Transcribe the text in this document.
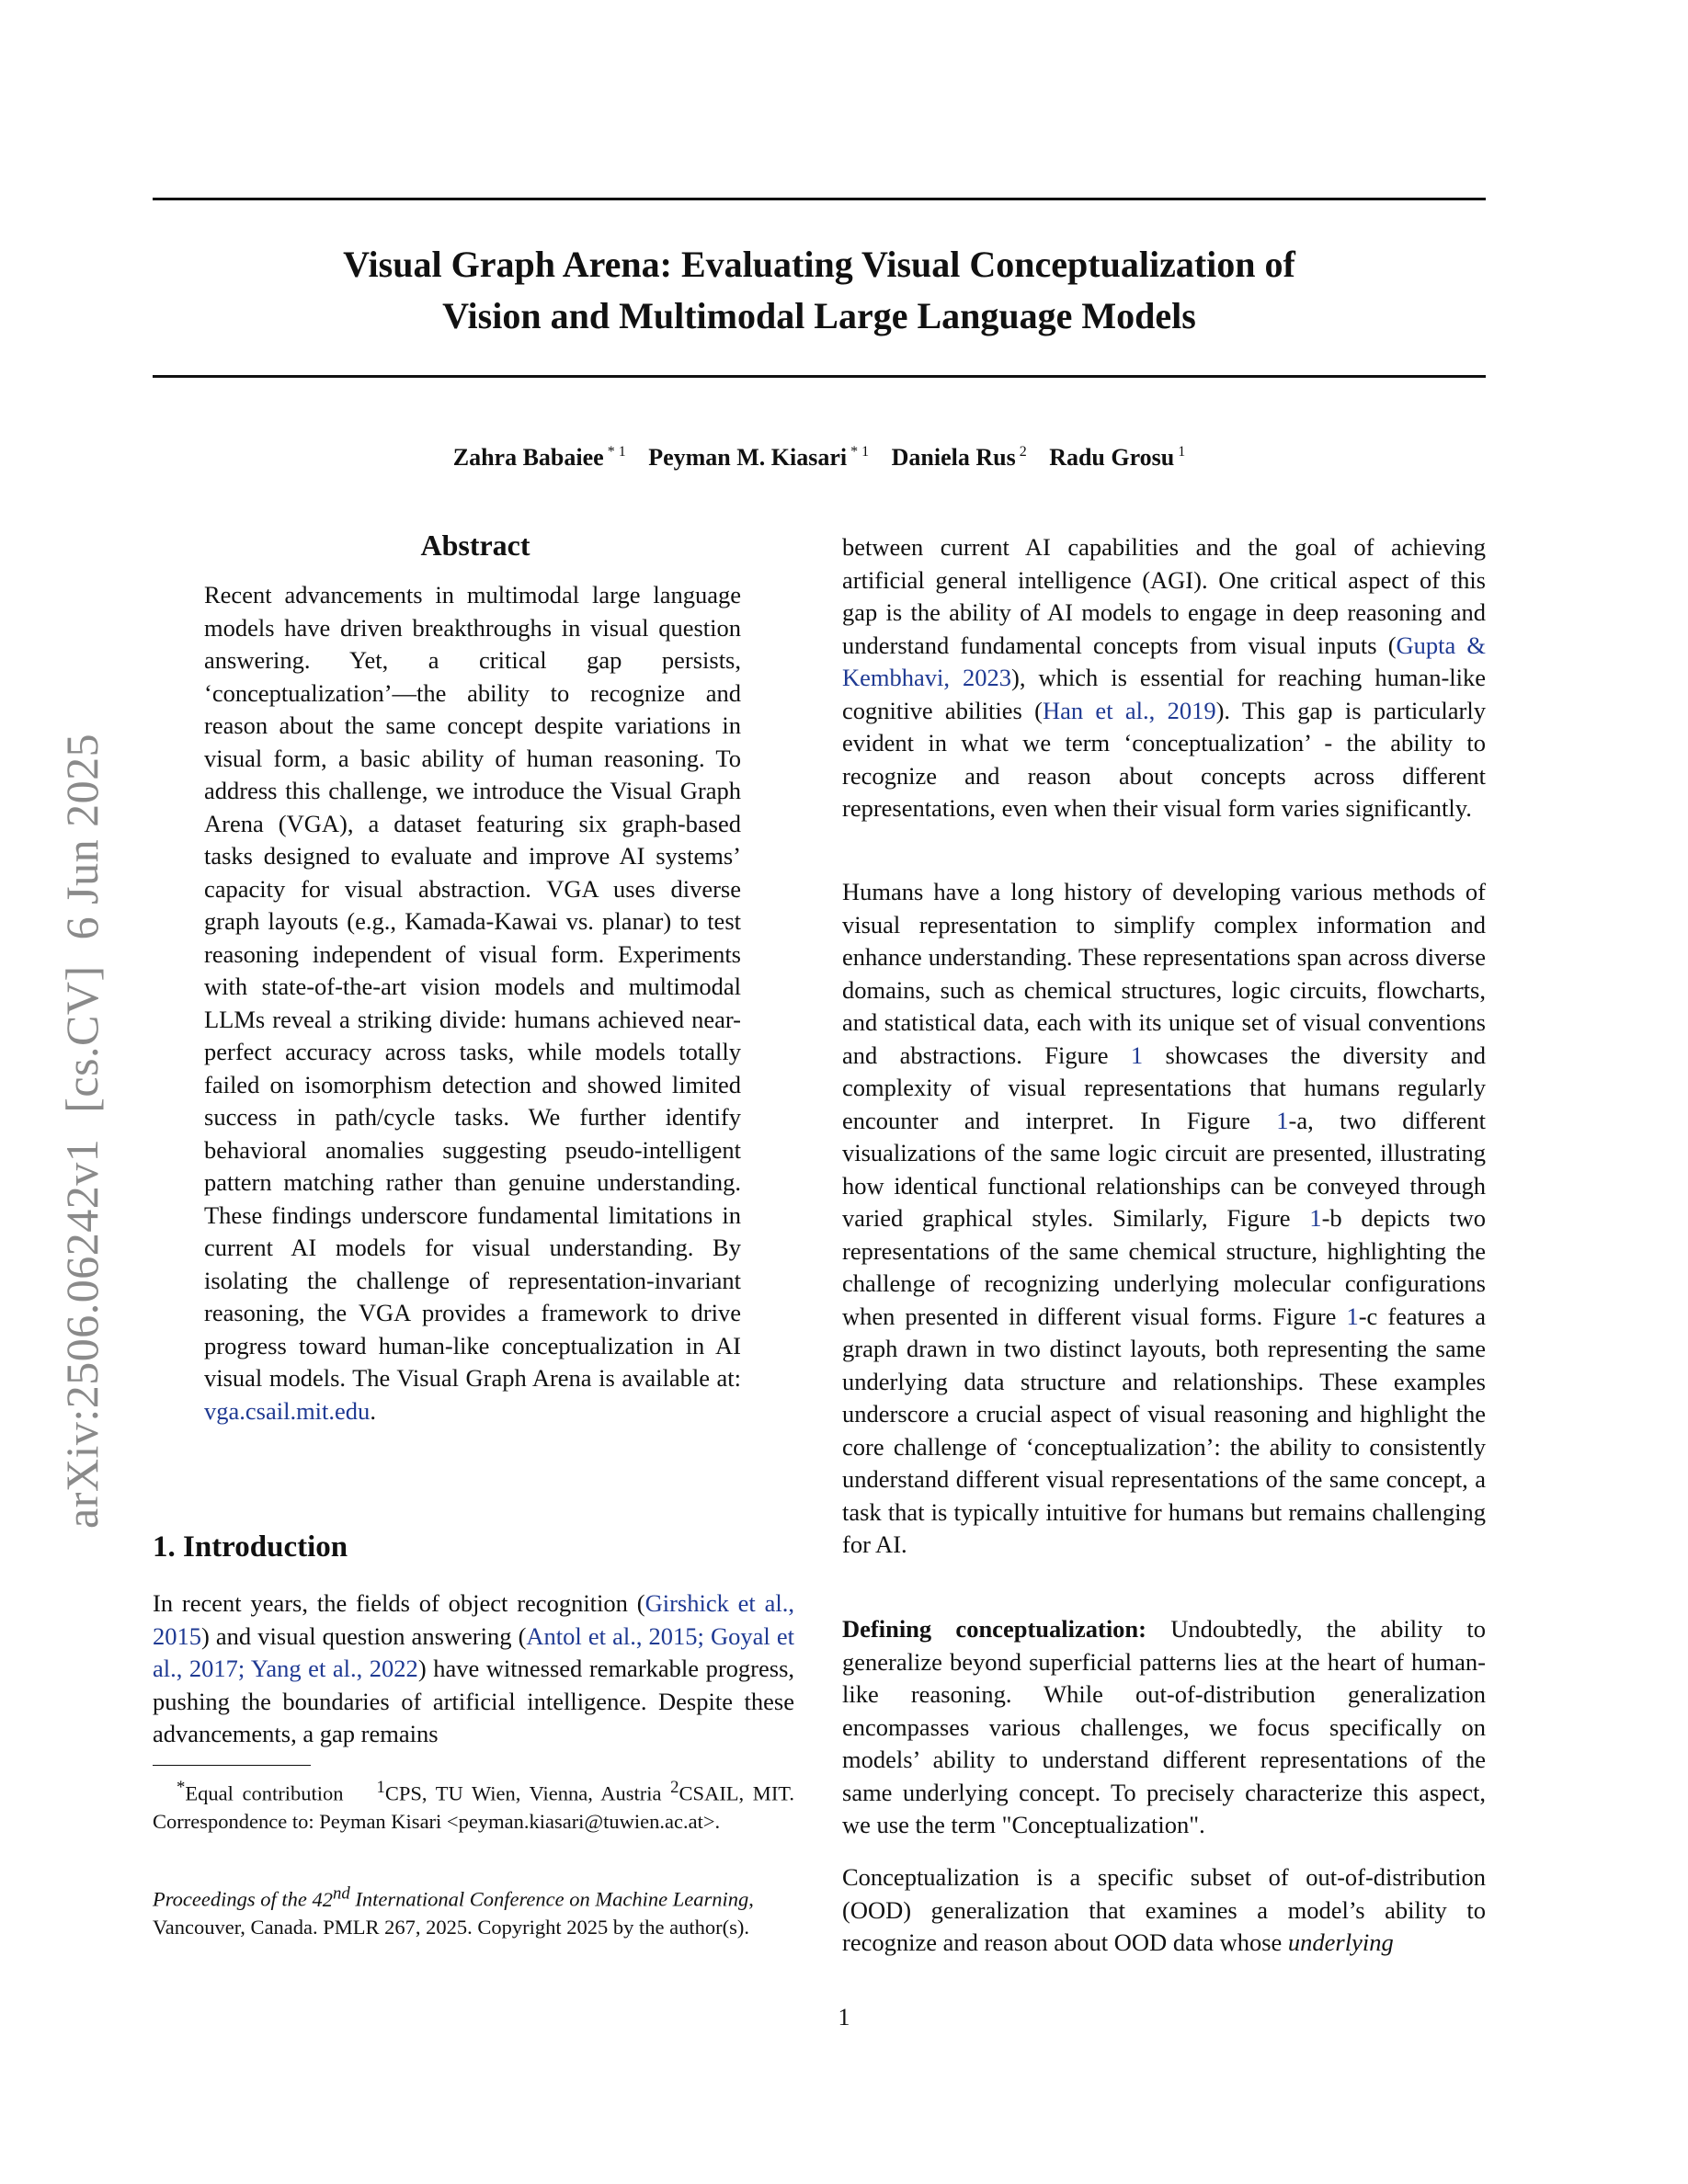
arXiv:2506.06242v1[cs.CV]6 Jun 2025
Visual Graph Arena: Evaluating Visual Conceptualization of
Vision and Multimodal Large Language Models
Zahra Babaiee $^{* 1}$ Peyman M. Kiasari $^{* 1}$ Daniela Rus $^2$ Radu Grosu $^1$
Abstract

Recent advancements in multimodal large language models have driven breakthroughs in visual question answering. Yet, a critical gap persists, ‘conceptualization’—the ability to recognize and reason about the same concept despite variations in visual form, a basic ability of human reasoning. To address this challenge, we introduce the Visual Graph Arena (VGA), a dataset featuring six graph-based tasks designed to evaluate and improve AI systems’ capacity for visual abstraction. VGA uses diverse graph layouts (e.g., Kamada-Kawai vs. planar) to test reasoning independent of visual form. Experiments with state-of-the-art vision models and multimodal LLMs reveal a striking divide: humans achieved near-perfect accuracy across tasks, while models totally failed on isomorphism detection and showed limited success in path/cycle tasks. We further identify behavioral anomalies suggesting pseudo-intelligent pattern matching rather than genuine understanding. These findings underscore fundamental limitations in current AI models for visual understanding. By isolating the challenge of representation-invariant reasoning, the VGA provides a framework to drive progress toward human-like conceptualization in AI visual models. The Visual Graph Arena is available at: vga.csail.mit.edu.

1. Introduction

In recent years, the fields of object recognition (Girshick et al., 2015) and visual question answering (Antol et al., 2015; Goyal et al., 2017; Yang et al., 2022) have witnessed remarkable progress, pushing the boundaries of artificial intelligence. Despite these advancements, a gap remains

*Equal contribution $^1$CPS, TU Wien, Vienna, Austria $^2$CSAIL, MIT. Correspondence to: Peyman Kisari <peyman.kiasari@tuwien.ac.at>.

Proceedings of the 42nd International Conference on Machine Learning, Vancouver, Canada. PMLR 267, 2025. Copyright 2025 by the author(s).

between current AI capabilities and the goal of achieving artificial general intelligence (AGI). One critical aspect of this gap is the ability of AI models to engage in deep reasoning and understand fundamental concepts from visual inputs (Gupta & Kembhavi, 2023), which is essential for reaching human-like cognitive abilities (Han et al., 2019). This gap is particularly evident in what we term ‘conceptualization’ - the ability to recognize and reason about concepts across different representations, even when their visual form varies significantly.

Humans have a long history of developing various methods of visual representation to simplify complex information and enhance understanding. These representations span across diverse domains, such as chemical structures, logic circuits, flowcharts, and statistical data, each with its unique set of visual conventions and abstractions. Figure 1 showcases the diversity and complexity of visual representations that humans regularly encounter and interpret. In Figure 1-a, two different visualizations of the same logic circuit are presented, illustrating how identical functional relationships can be conveyed through varied graphical styles. Similarly, Figure 1-b depicts two representations of the same chemical structure, highlighting the challenge of recognizing underlying molecular configurations when presented in different visual forms. Figure 1-c features a graph drawn in two distinct layouts, both representing the same underlying data structure and relationships. These examples underscore a crucial aspect of visual reasoning and highlight the core challenge of ‘conceptualization’: the ability to consistently understand different visual representations of the same concept, a task that is typically intuitive for humans but remains challenging for AI.

Defining conceptualization: Undoubtedly, the ability to generalize beyond superficial patterns lies at the heart of human-like reasoning. While out-of-distribution generalization encompasses various challenges, we focus specifically on models’ ability to understand different representations of the same underlying concept. To precisely characterize this aspect, we use the term "Conceptualization".

Conceptualization is a specific subset of out-of-distribution (OOD) generalization that examines a model’s ability to recognize and reason about OOD data whose underlying

1
